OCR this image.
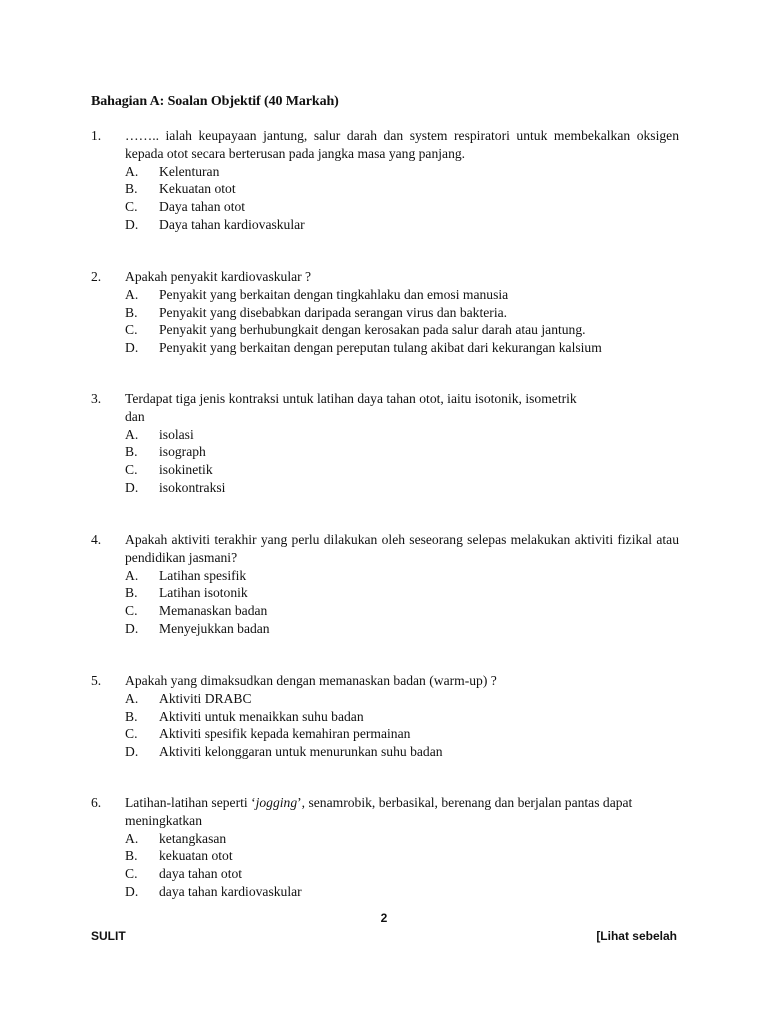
Bahagian A: Soalan Objektif (40 Markah)
1. …….. ialah keupayaan jantung, salur darah dan system respiratori untuk membekalkan oksigen kepada otot secara berterusan pada jangka masa yang panjang.
A. Kelenturan
B. Kekuatan otot
C. Daya tahan otot
D. Daya tahan kardiovaskular
2. Apakah penyakit kardiovaskular ?
A. Penyakit yang berkaitan dengan tingkahlaku dan emosi manusia
B. Penyakit yang disebabkan daripada serangan virus dan bakteria.
C. Penyakit yang berhubungkait dengan kerosakan pada salur darah atau jantung.
D. Penyakit yang berkaitan dengan pereputan tulang akibat dari kekurangan kalsium
3. Terdapat tiga jenis kontraksi untuk latihan daya tahan otot, iaitu isotonik, isometrik
dan
A. isolasi
B. isograph
C. isokinetik
D. isokontraksi
4. Apakah aktiviti terakhir yang perlu dilakukan oleh seseorang selepas melakukan aktiviti fizikal atau pendidikan jasmani?
A. Latihan spesifik
B. Latihan isotonik
C. Memanaskan badan
D. Menyejukkan badan
5. Apakah yang dimaksudkan dengan memanaskan badan (warm-up) ?
A. Aktiviti DRABC
B. Aktiviti untuk menaikkan suhu badan
C. Aktiviti spesifik kepada kemahiran permainan
D. Aktiviti kelonggaran untuk menurunkan suhu badan
6. Latihan-latihan seperti ‘jogging’, senamrobik, berbasikal, berenang dan berjalan pantas dapat meningkatkan
A. ketangkasan
B. kekuatan otot
C. daya tahan otot
D. daya tahan kardiovaskular
2
SULIT	[Lihat sebelah
